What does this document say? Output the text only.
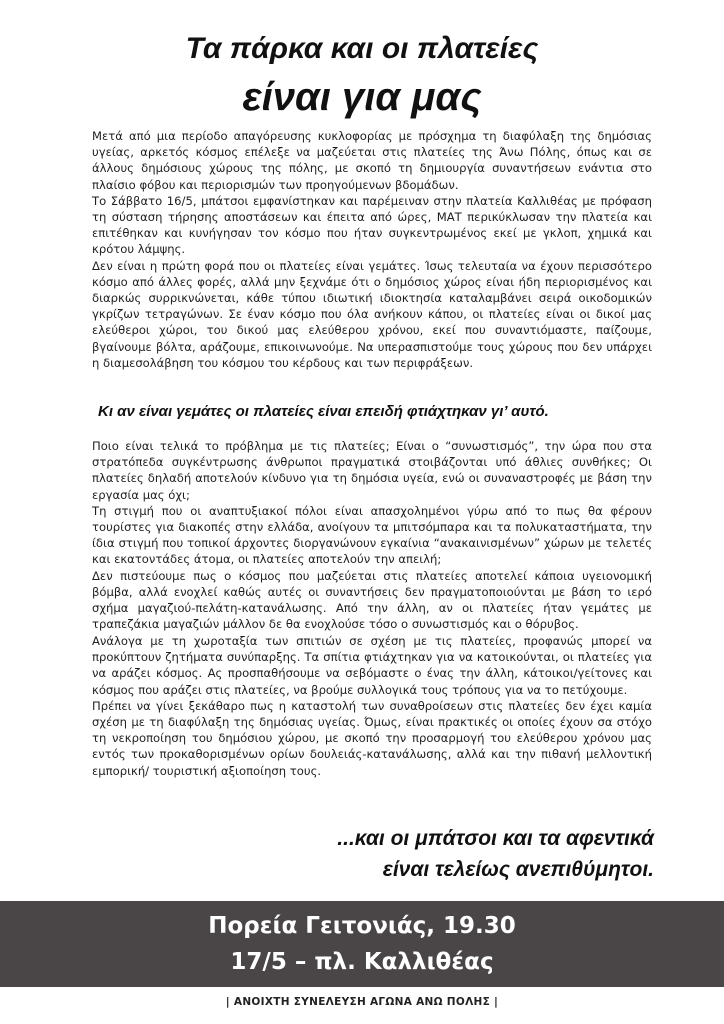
Τα πάρκα και οι πλατείες
είναι για μας

Μετά από μια περίοδο απαγόρευσης κυκλοφορίας με πρόσχημα τη διαφύλαξη της δημόσιας υγείας, αρκετός κόσμος επέλεξε να μαζεύεται στις πλατείες της Άνω Πόλης, όπως και σε άλλους δημόσιους χώρους της πόλης, με σκοπό τη δημιουργία συναντήσεων ενάντια στο πλαίσιο φόβου και περιορισμών των προηγούμενων βδομάδων.

Το Σάββατο 16/5, μπάτσοι εμφανίστηκαν και παρέμειναν στην πλατεία Καλλιθέας με πρόφαση τη σύσταση τήρησης αποστάσεων και έπειτα από ώρες, ΜΑΤ περικύκλωσαν την πλατεία και επιτέθηκαν και κυνήγησαν τον κόσμο που ήταν συγκεντρωμένος εκεί με γκλοπ, χημικά και κρότου λάμψης.

Δεν είναι η πρώτη φορά που οι πλατείες είναι γεμάτες. Ίσως τελευταία να έχουν περισσότερο κόσμο από άλλες φορές, αλλά μην ξεχνάμε ότι ο δημόσιος χώρος είναι ήδη περιορισμένος και διαρκώς συρρικνώνεται, κάθε τύπου ιδιωτική ιδιοκτησία καταλαμβάνει σειρά οικοδομικών γκρίζων τετραγώνων. Σε έναν κόσμο που όλα ανήκουν κάπου, οι πλατείες είναι οι δικοί μας ελεύθεροι χώροι, του δικού μας ελεύθερου χρόνου, εκεί που συναντιόμαστε, παίζουμε, βγαίνουμε βόλτα, αράζουμε, επικοινωνούμε. Να υπερασπιστούμε τους χώρους που δεν υπάρχει η διαμεσολάβηση του κόσμου του κέρδους και των περιφράξεων.

Κι αν είναι γεμάτες οι πλατείες είναι επειδή φτιάχτηκαν γι’ αυτό.

Ποιο είναι τελικά το πρόβλημα με τις πλατείες; Είναι ο “συνωστισμός”, την ώρα που στα στρατόπεδα συγκέντρωσης άνθρωποι πραγματικά στοιβάζονται υπό άθλιες συνθήκες; Οι πλατείες δηλαδή αποτελούν κίνδυνο για τη δημόσια υγεία, ενώ οι συναναστροφές με βάση την εργασία μας όχι;

Τη στιγμή που οι αναπτυξιακοί πόλοι είναι απασχολημένοι γύρω από το πως θα φέρουν τουρίστες για διακοπές στην ελλάδα, ανοίγουν τα μπιτσόμπαρα και τα πολυκαταστήματα, την ίδια στιγμή που τοπικοί άρχοντες διοργανώνουν εγκαίνια “ανακαινισμένων” χώρων με τελετές και εκατοντάδες άτομα, οι πλατείες αποτελούν την απειλή;

Δεν πιστεύουμε πως ο κόσμος που μαζεύεται στις πλατείες αποτελεί κάποια υγειονομική βόμβα, αλλά ενοχλεί καθώς αυτές οι συναντήσεις δεν πραγματοποιούνται με βάση το ιερό σχήμα μαγαζιού-πελάτη-κατανάλωσης. Από την άλλη, αν οι πλατείες ήταν γεμάτες με τραπεζάκια μαγαζιών μάλλον δε θα ενοχλούσε τόσο ο συνωστισμός και ο θόρυβος.

Ανάλογα με τη χωροταξία των σπιτιών σε σχέση με τις πλατείες, προφανώς μπορεί να προκύπτουν ζητήματα συνύπαρξης. Τα σπίτια φτιάχτηκαν για να κατοικούνται, οι πλατείες για να αράζει κόσμος. Ας προσπαθήσουμε να σεβόμαστε ο ένας την άλλη, κάτοικοι/γείτονες και κόσμος που αράζει στις πλατείες, να βρούμε συλλογικά τους τρόπους για να το πετύχουμε.

Πρέπει να γίνει ξεκάθαρο πως η καταστολή των συναθροίσεων στις πλατείες δεν έχει καμία σχέση με τη διαφύλαξη της δημόσιας υγείας. Όμως, είναι πρακτικές οι οποίες έχουν σα στόχο τη νεκροποίηση του δημόσιου χώρου, με σκοπό την προσαρμογή του ελεύθερου χρόνου μας εντός των προκαθορισμένων ορίων δουλειάς-κατανάλωσης, αλλά και την πιθανή μελλοντική εμπορική/ τουριστική αξιοποίηση τους.

...και οι μπάτσοι και τα αφεντικά

είναι τελείως ανεπιθύμητοι.

Πορεία Γειτονιάς, 19.30
17/5 – πλ. Καλλιθέας
| ΑΝΟΙΧΤΗ ΣΥΝΕΛΕΥΣΗ ΑΓΩΝΑ ΑΝΩ ΠΟΛΗΣ |
